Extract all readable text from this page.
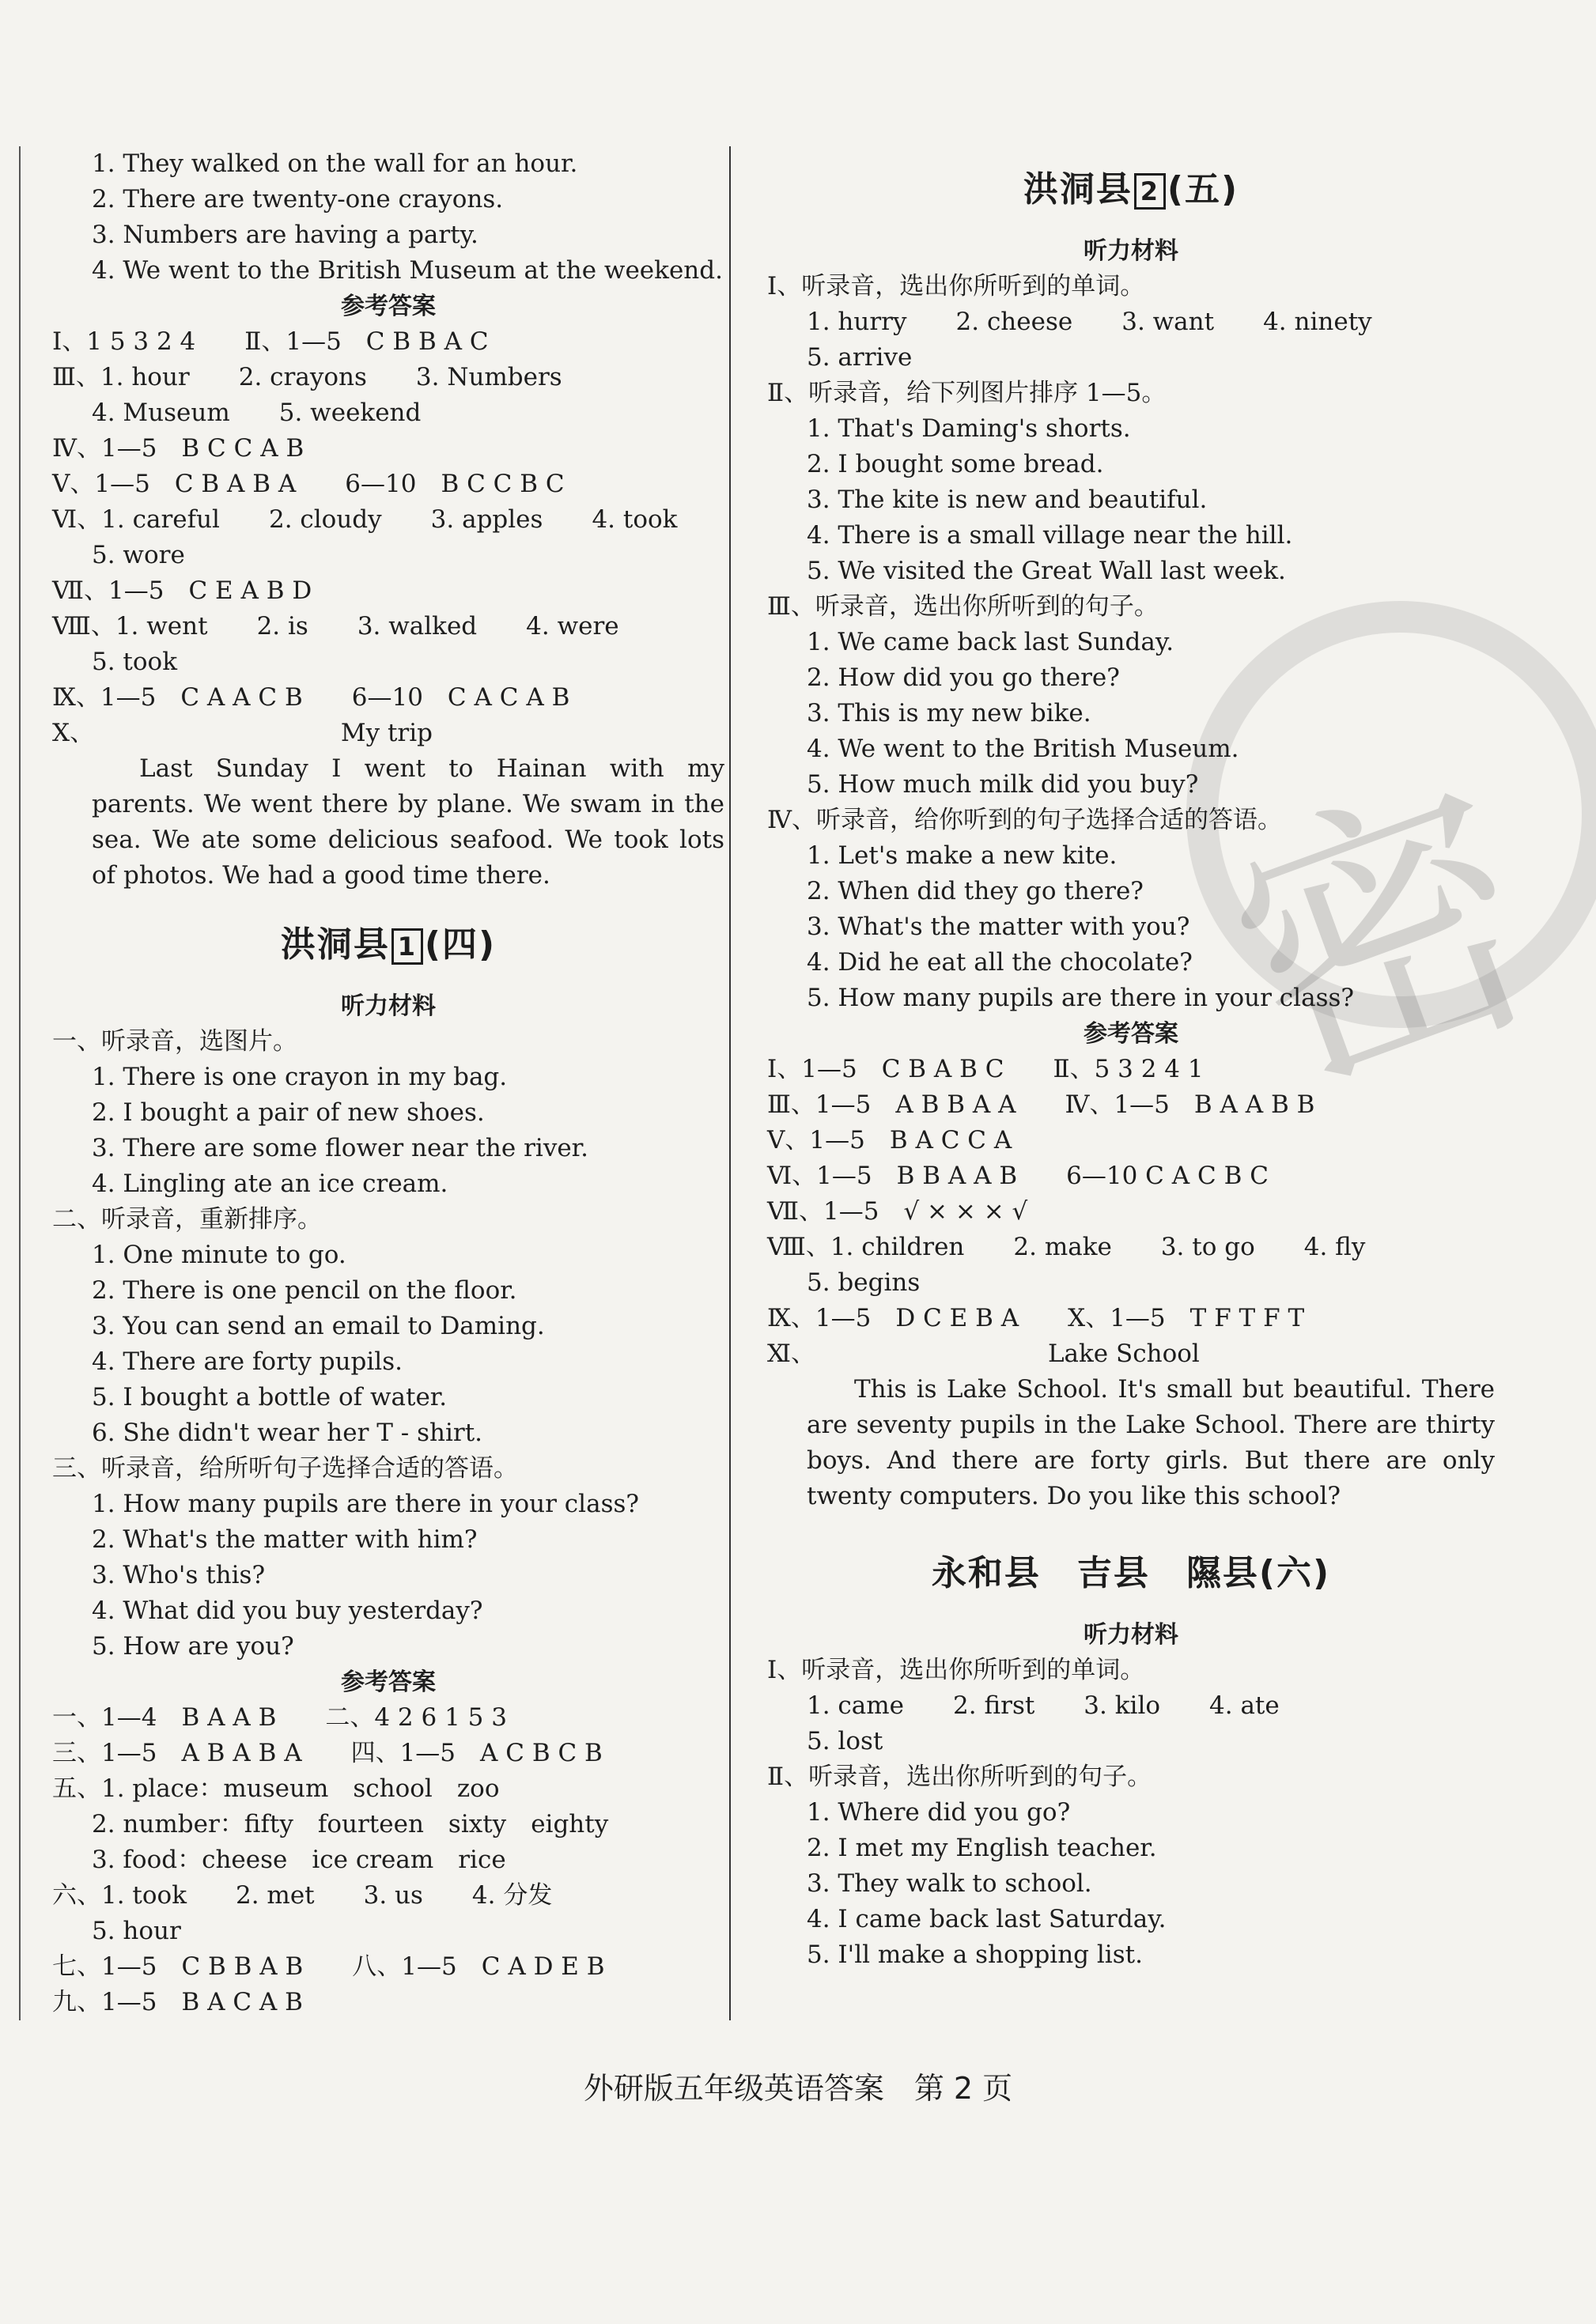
密
1. They walked on the wall for an hour.
2. There are twenty-one crayons.
3. Numbers are having a party.
4. We went to the British Museum at the weekend.
参考答案
Ⅰ、1 5 3 2 4　　Ⅱ、1—5　C B B A C
Ⅲ、1. hour　　2. crayons　　3. Numbers
4. Museum　　5. weekend
Ⅳ、1—5　B C C A B
Ⅴ、1—5　C B A B A　　6—10　B C C B C
Ⅵ、1. careful　　2. cloudy　　3. apples　　4. took
5. wore
Ⅶ、1—5　C E A B D
Ⅷ、1. went　　2. is　　3. walked　　4. were
5. took
Ⅸ、1—5　C A A C B　　6—10　C A C A B
Ⅹ、	My trip
Last Sunday I went to Hainan with my parents. We went there by plane. We swam in the sea. We ate some delicious seafood. We took lots of photos. We had a good time there.
洪洞县 1 (四)
听力材料
一、听录音，选图片。
1. There is one crayon in my bag.
2. I bought a pair of new shoes.
3. There are some flower near the river.
4. Lingling ate an ice cream.
二、听录音，重新排序。
1. One minute to go.
2. There is one pencil on the floor.
3. You can send an email to Daming.
4. There are forty pupils.
5. I bought a bottle of water.
6. She didn't wear her T - shirt.
三、听录音，给所听句子选择合适的答语。
1. How many pupils are there in your class?
2. What's the matter with him?
3. Who's this?
4. What did you buy yesterday?
5. How are you?
参考答案
一、1—4　B A A B　　二、4 2 6 1 5 3
三、1—5　A B A B A　　四、1—5　A C B C B
五、1. place：museum　school　zoo
2. number：fifty　fourteen　sixty　eighty
3. food：cheese　ice cream　rice
六、1. took　　2. met　　3. us　　4. 分发
5. hour
七、1—5　C B B A B　　八、1—5　C A D E B
九、1—5　B A C A B
洪洞县 2 (五)
听力材料
Ⅰ、听录音，选出你所听到的单词。
1. hurry　　2. cheese　　3. want　　4. ninety
5. arrive
Ⅱ、听录音，给下列图片排序 1—5。
1. That's Daming's shorts.
2. I bought some bread.
3. The kite is new and beautiful.
4. There is a small village near the hill.
5. We visited the Great Wall last week.
Ⅲ、听录音，选出你所听到的句子。
1. We came back last Sunday.
2. How did you go there?
3. This is my new bike.
4. We went to the British Museum.
5. How much milk did you buy?
Ⅳ、听录音，给你听到的句子选择合适的答语。
1. Let's make a new kite.
2. When did they go there?
3. What's the matter with you?
4. Did he eat all the chocolate?
5. How many pupils are there in your class?
参考答案
Ⅰ、1—5　C B A B C　　Ⅱ、5 3 2 4 1
Ⅲ、1—5　A B B A A　　Ⅳ、1—5　B A A B B
Ⅴ、1—5　B A C C A
Ⅵ、1—5　B B A A B　　6—10 C A C B C
Ⅶ、1—5　√ × × × √
Ⅷ、1. children　　2. make　　3. to go　　4. fly
5. begins
Ⅸ、1—5　D C E B A　　Ⅹ、1—5　T F T F T
Ⅺ、	Lake School
This is Lake School. It's small but beautiful. There are seventy pupils in the Lake School. There are thirty boys. And there are forty girls. But there are only twenty computers. Do you like this school?
永和县　吉县　隰县(六)
听力材料
Ⅰ、听录音，选出你所听到的单词。
1. came　　2. first　　3. kilo　　4. ate
5. lost
Ⅱ、听录音，选出你所听到的句子。
1. Where did you go?
2. I met my English teacher.
3. They walk to school.
4. I came back last Saturday.
5. I'll make a shopping list.
外研版五年级英语答案　第 2 页
